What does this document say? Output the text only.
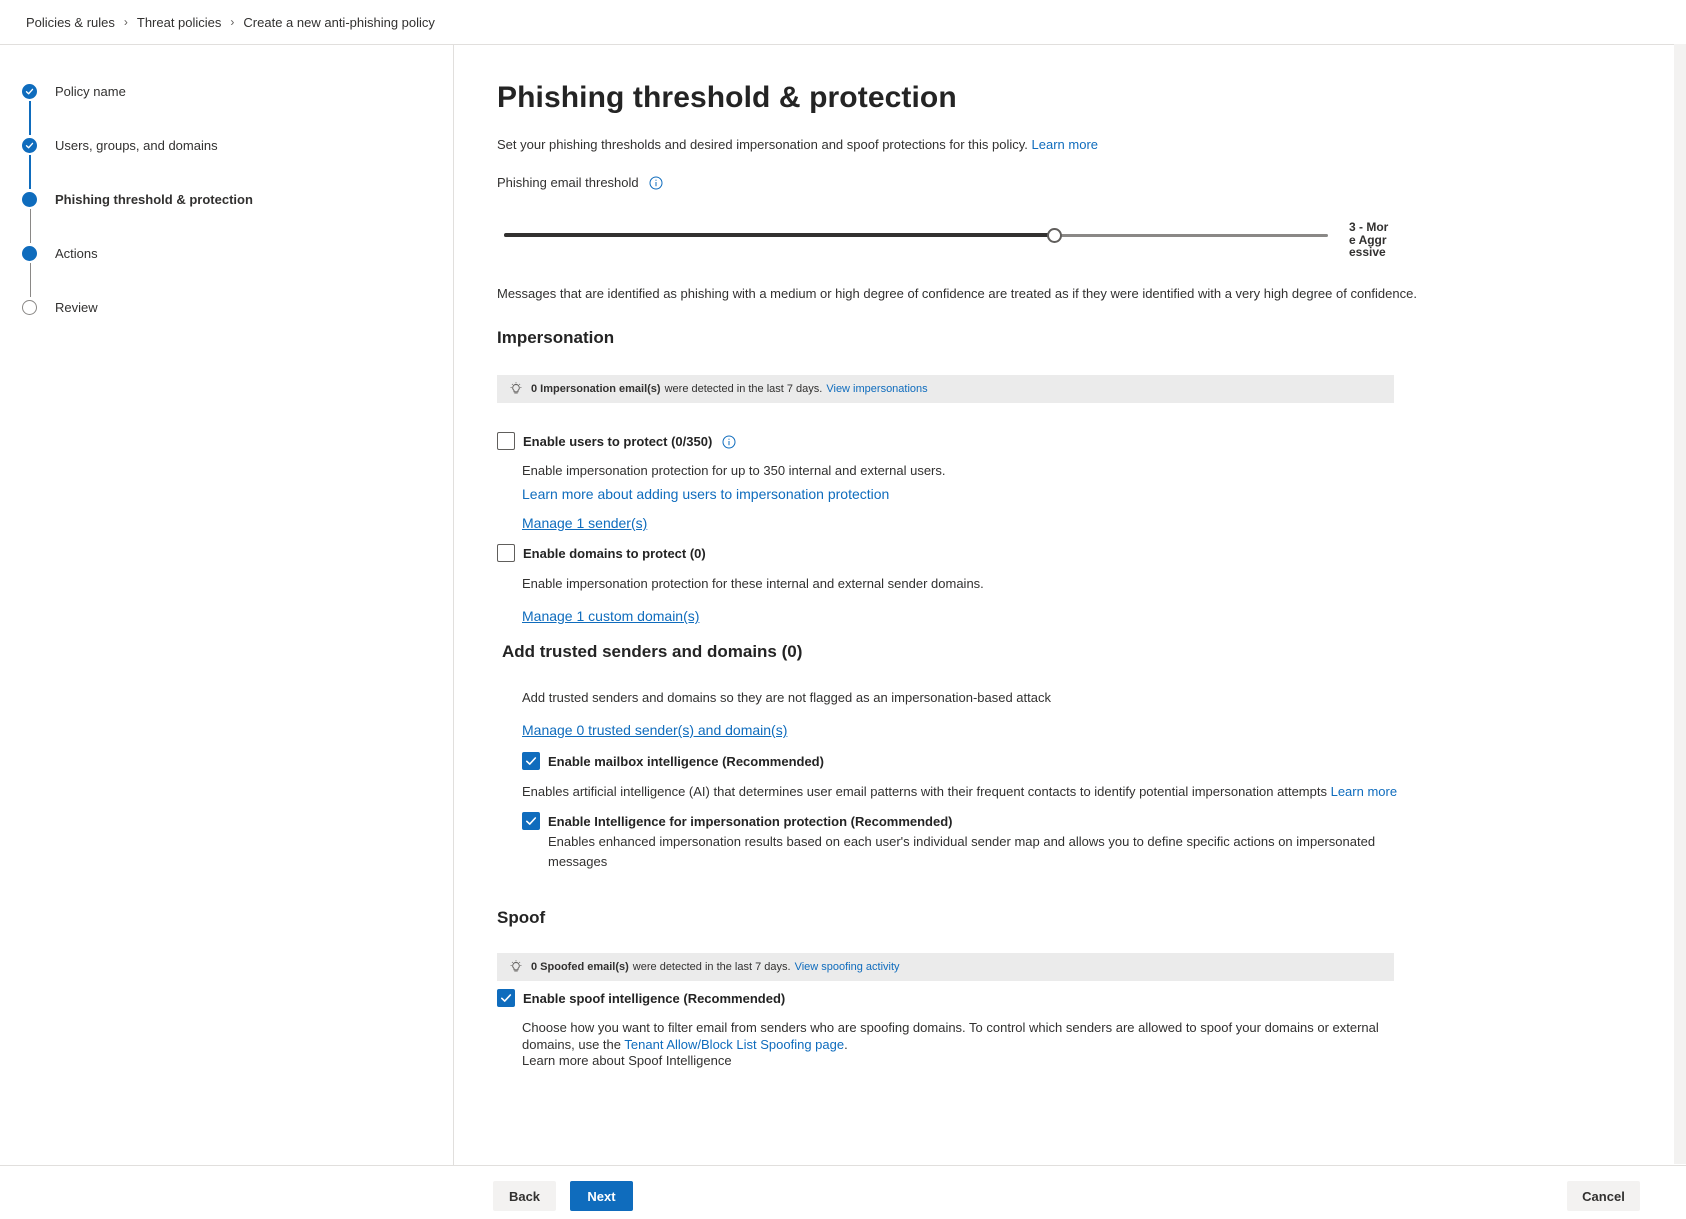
Policies & rules › Threat policies › Create a new anti-phishing policy
Policy name
Users, groups, and domains
Phishing threshold & protection
Actions
Review
Phishing threshold & protection

Set your phishing thresholds and desired impersonation and spoof protections for this policy. Learn more

Phishing email threshold
3 - More Aggressive

Messages that are identified as phishing with a medium or high degree of confidence are treated as if they were identified with a very high degree of confidence.

Impersonation
0 Impersonation email(s) were detected in the last 7 days. View impersonations
Enable users to protect (0/350)

Enable impersonation protection for up to 350 internal and external users.

Learn more about adding users to impersonation protection
Manage 1 sender(s)
Enable domains to protect (0)

Enable impersonation protection for these internal and external sender domains.

Manage 1 custom domain(s)
Add trusted senders and domains (0)

Add trusted senders and domains so they are not flagged as an impersonation-based attack

Manage 0 trusted sender(s) and domain(s)
Enable mailbox intelligence (Recommended)

Enables artificial intelligence (AI) that determines user email patterns with their frequent contacts to identify potential impersonation attempts Learn more

Enable Intelligence for impersonation protection (Recommended)

Enables enhanced impersonation results based on each user's individual sender map and allows you to define specific actions on impersonated messages

Spoof
0 Spoofed email(s) were detected in the last 7 days. View spoofing activity
Enable spoof intelligence (Recommended)

Choose how you want to filter email from senders who are spoofing domains. To control which senders are allowed to spoof your domains or external domains, use the Tenant Allow/Block List Spoofing page.

Learn more about Spoof Intelligence
Back	Next	Cancel
